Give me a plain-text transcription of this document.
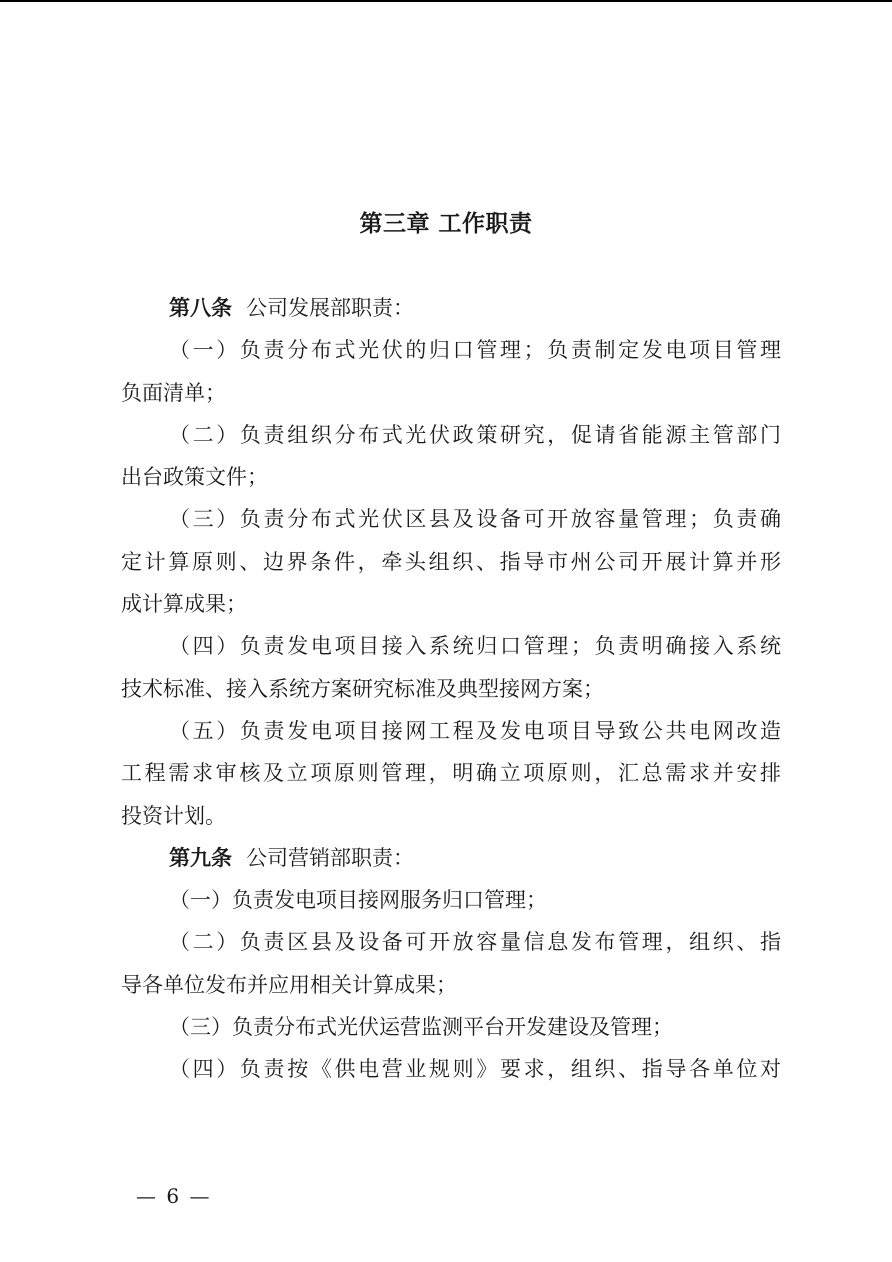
第三章 工作职责
第八条 公司发展部职责：
（一）负责分布式光伏的归口管理；负责制定发电项目管理
负面清单；
（二）负责组织分布式光伏政策研究，促请省能源主管部门
出台政策文件；
（三）负责分布式光伏区县及设备可开放容量管理；负责确
定计算原则、边界条件，牵头组织、指导市州公司开展计算并形
成计算成果；
（四）负责发电项目接入系统归口管理；负责明确接入系统
技术标准、接入系统方案研究标准及典型接网方案；
（五）负责发电项目接网工程及发电项目导致公共电网改造
工程需求审核及立项原则管理，明确立项原则，汇总需求并安排
投资计划。
第九条 公司营销部职责：
（一）负责发电项目接网服务归口管理；
（二）负责区县及设备可开放容量信息发布管理，组织、指
导各单位发布并应用相关计算成果；
（三）负责分布式光伏运营监测平台开发建设及管理；
（四）负责按《供电营业规则》要求，组织、指导各单位对
— 6 —
